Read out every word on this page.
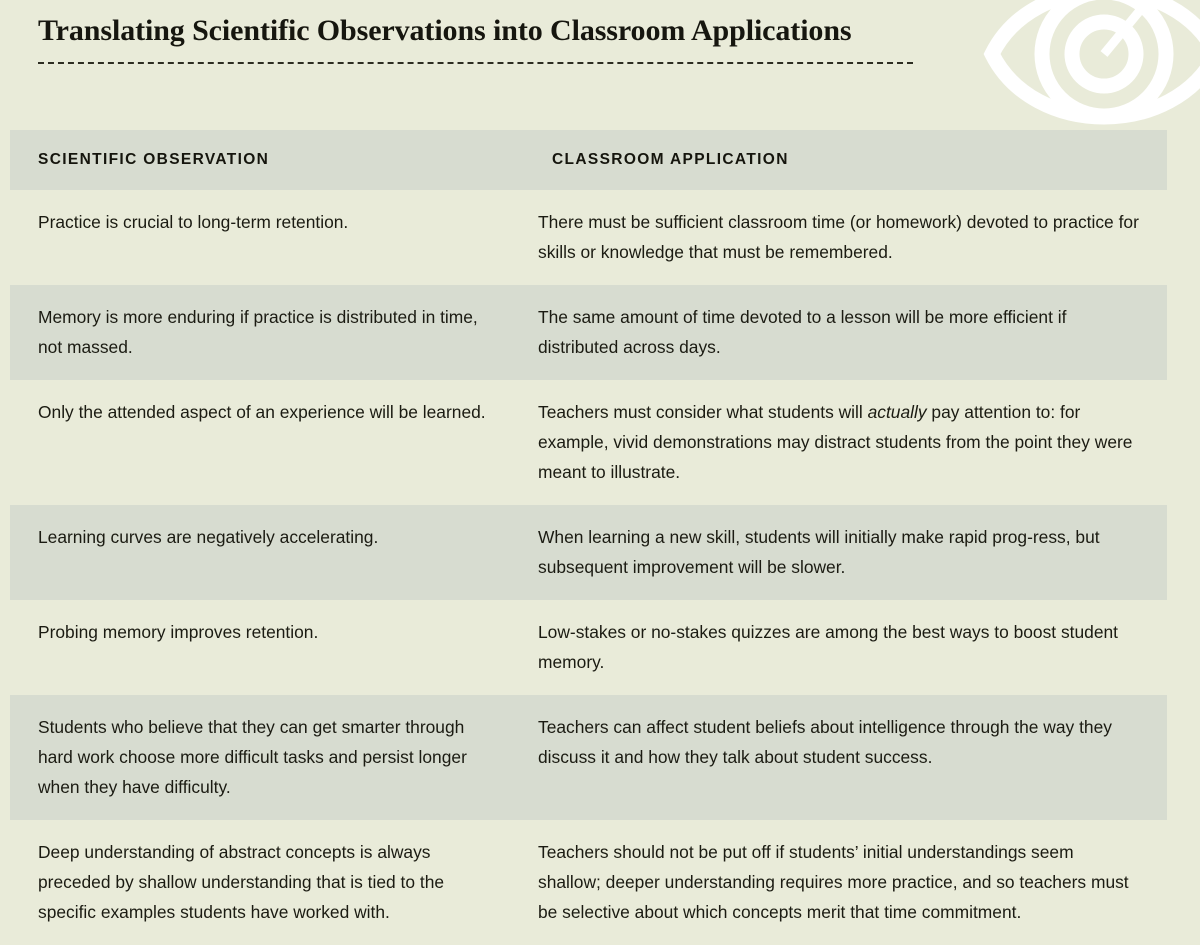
Translating Scientific Observations into Classroom Applications
SCIENTIFIC OBSERVATION	CLASSROOM APPLICATION
Practice is crucial to long-term retention.	There must be sufficient classroom time (or homework) devoted to practice for skills or knowledge that must be remembered.
Memory is more enduring if practice is distributed in time, not massed.	The same amount of time devoted to a lesson will be more efficient if distributed across days.
Only the attended aspect of an experience will be learned.	Teachers must consider what students will actually pay attention to: for example, vivid demonstrations may distract students from the point they were meant to illustrate.
Learning curves are negatively accelerating.	When learning a new skill, students will initially make rapid prog-ress, but subsequent improvement will be slower.
Probing memory improves retention.	Low-stakes or no-stakes quizzes are among the best ways to boost student memory.
Students who believe that they can get smarter through hard work choose more difficult tasks and persist longer when they have difficulty.	Teachers can affect student beliefs about intelligence through the way they discuss it and how they talk about student success.
Deep understanding of abstract concepts is always preceded by shallow understanding that is tied to the specific examples students have worked with.	Teachers should not be put off if students’ initial understandings seem shallow; deeper understanding requires more practice, and so teachers must be selective about which concepts merit that time commitment.
